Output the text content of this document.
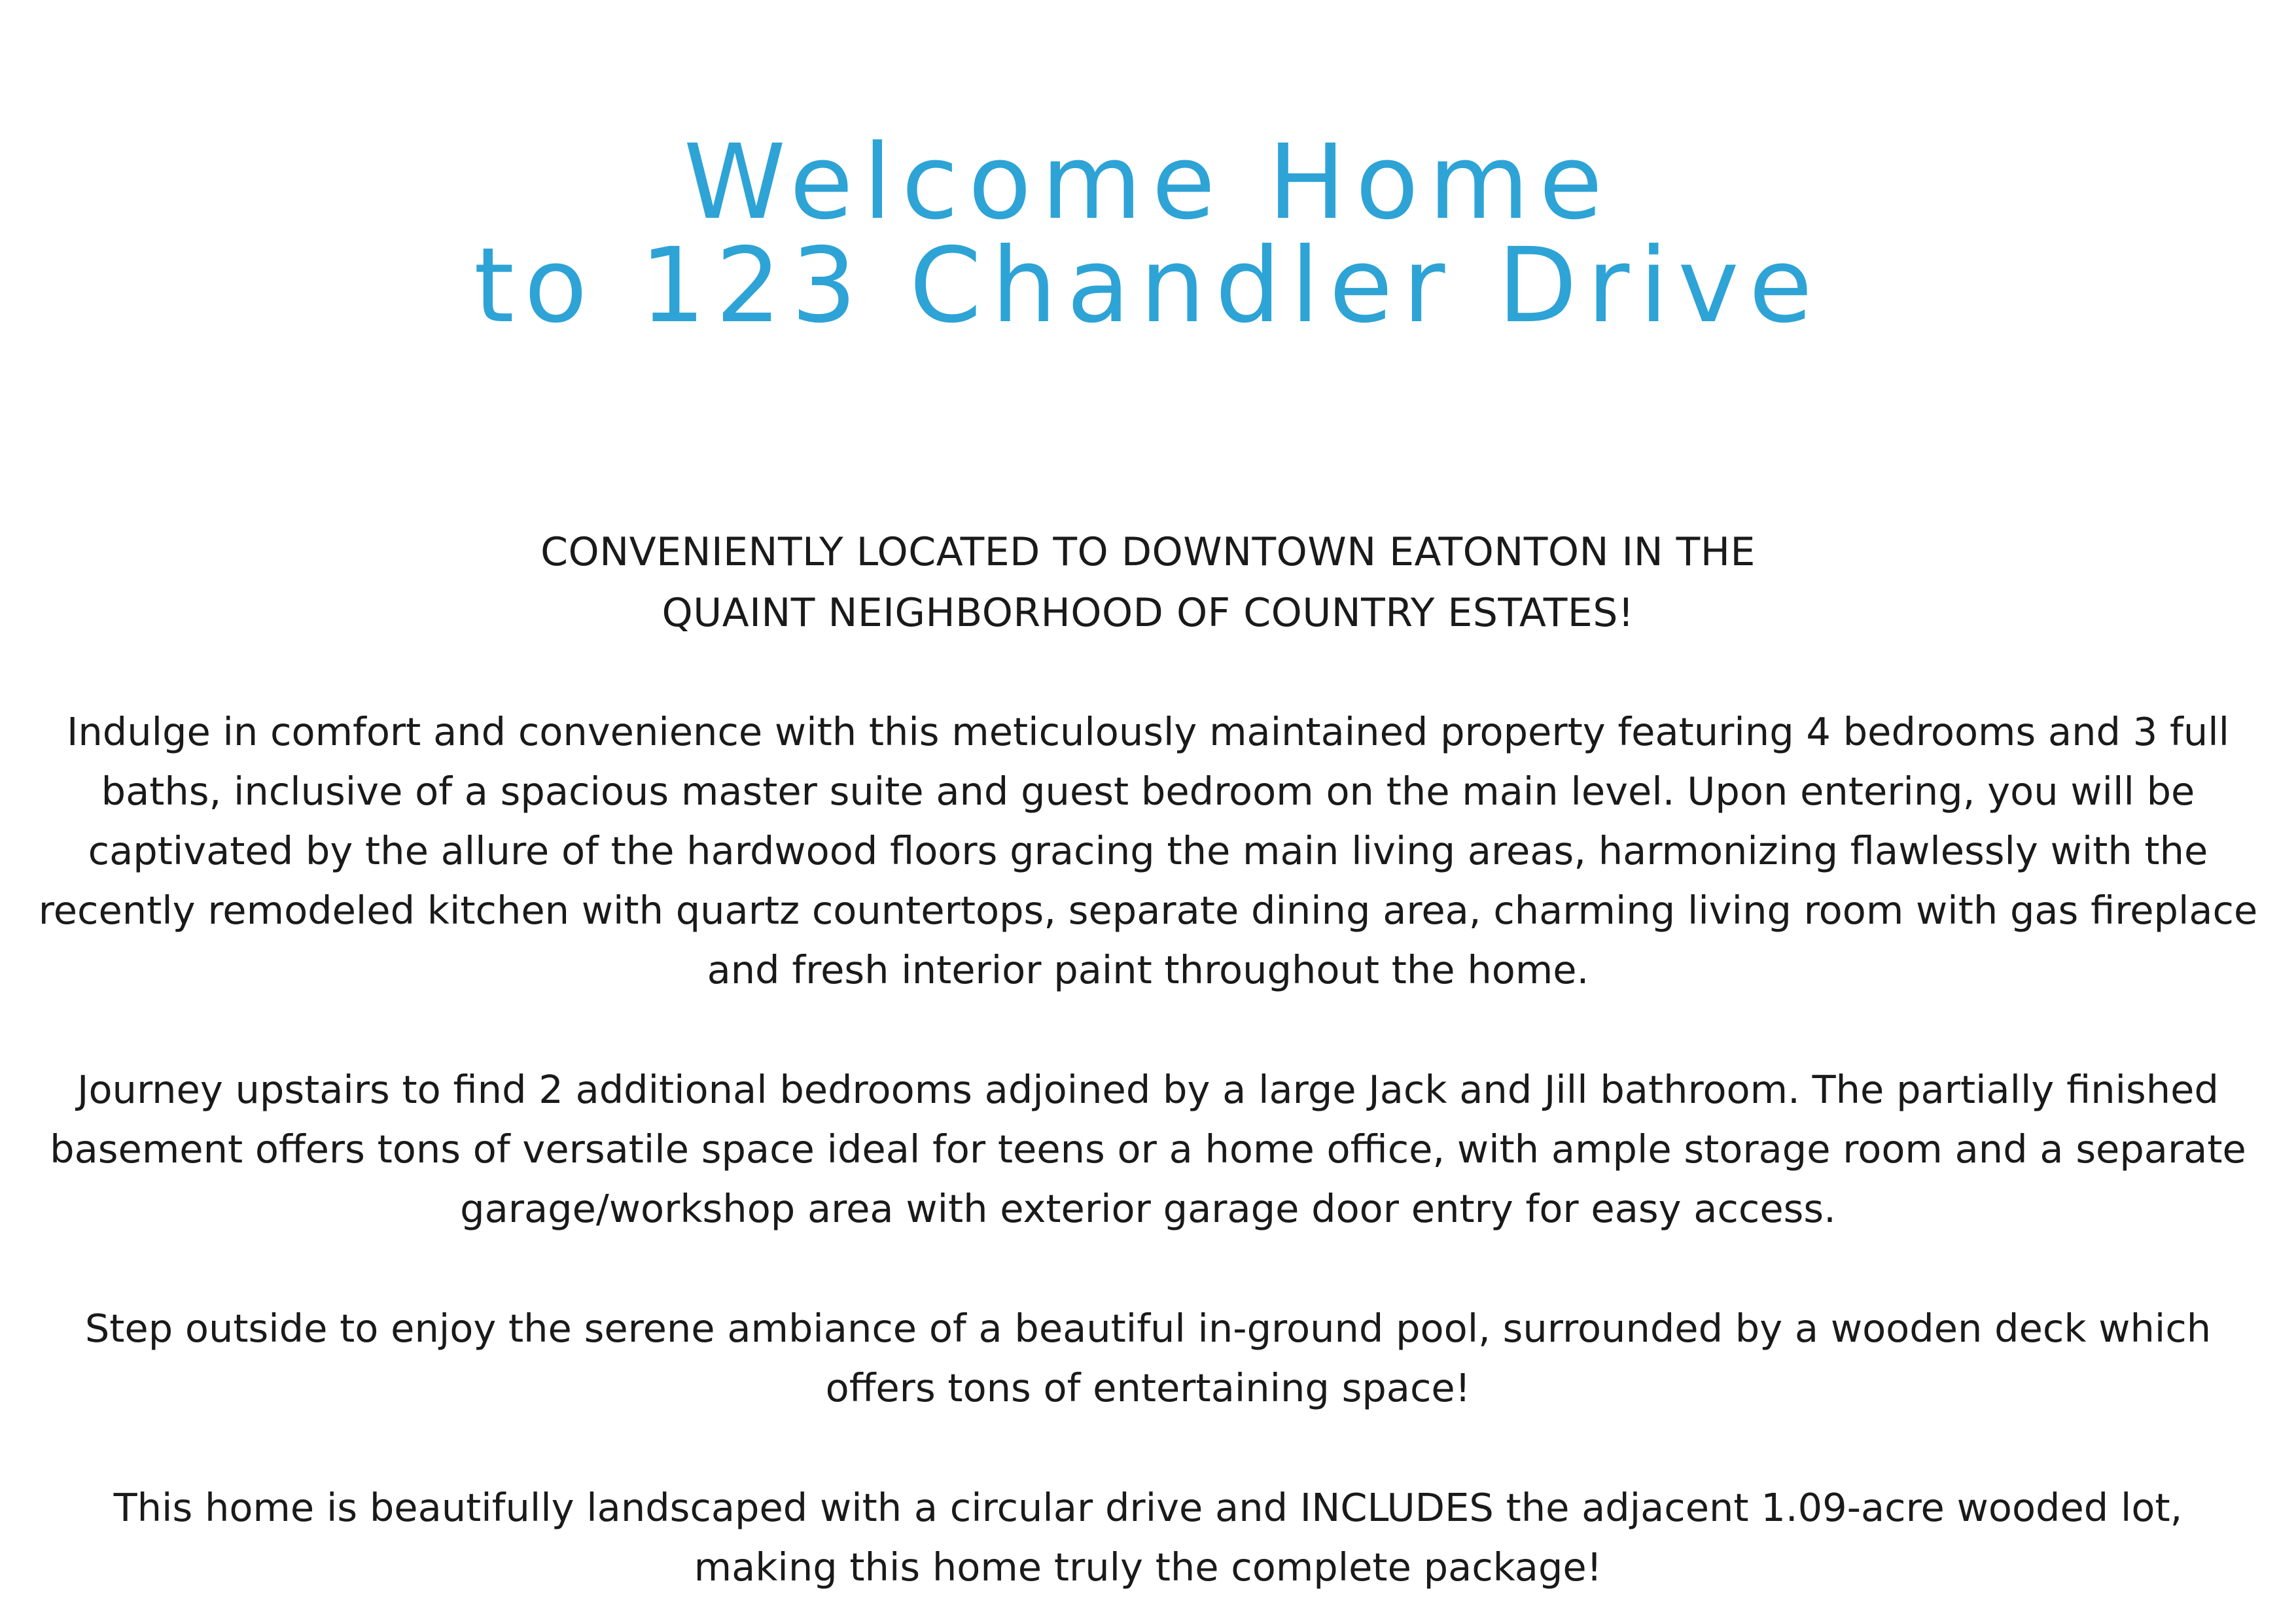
Welcome Home
to 123 Chandler Drive
CONVENIENTLY LOCATED TO DOWNTOWN EATONTON IN THE
QUAINT NEIGHBORHOOD OF COUNTRY ESTATES!

Indulge in comfort and convenience with this meticulously maintained property featuring 4 bedrooms and 3 full baths, inclusive of a spacious master suite and guest bedroom on the main level. Upon entering, you will be captivated by the allure of the hardwood floors gracing the main living areas, harmonizing flawlessly with the recently remodeled kitchen with quartz countertops, separate dining area, charming living room with gas fireplace and fresh interior paint throughout the home.

Journey upstairs to find 2 additional bedrooms adjoined by a large Jack and Jill bathroom. The partially finished basement offers tons of versatile space ideal for teens or a home office, with ample storage room and a separate garage/workshop area with exterior garage door entry for easy access.

Step outside to enjoy the serene ambiance of a beautiful in-ground pool, surrounded by a wooden deck which offers tons of entertaining space!

This home is beautifully landscaped with a circular drive and INCLUDES the adjacent 1.09-acre wooded lot, making this home truly the complete package!
